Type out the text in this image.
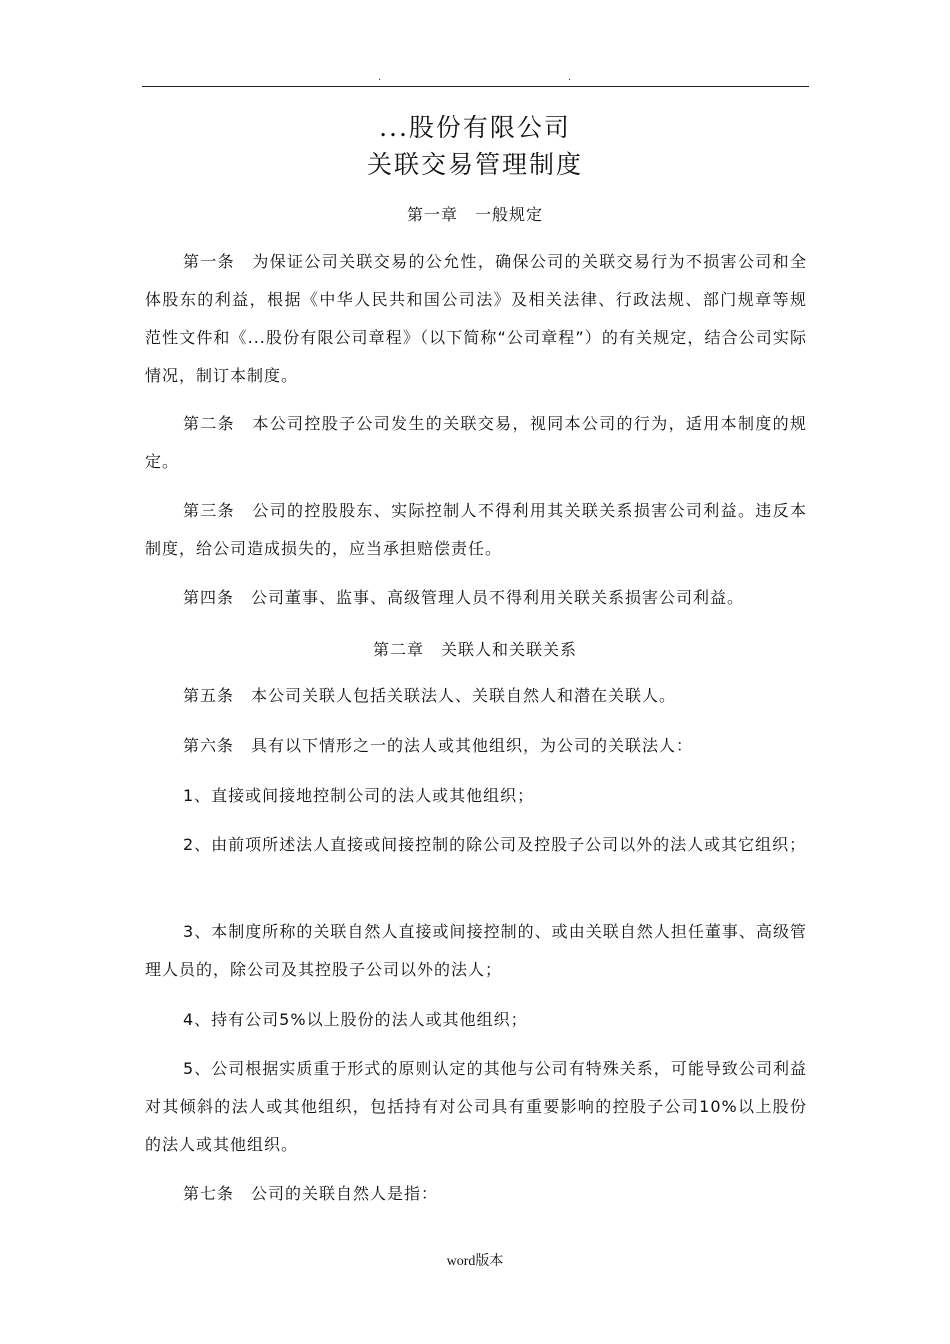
.	.
...股份有限公司
关联交易管理制度
第一章　一般规定
第一条　为保证公司关联交易的公允性，确保公司的关联交易行为不损害公司和全体股东的利益，根据《中华人民共和国公司法》及相关法律、行政法规、部门规章等规范性文件和《...股份有限公司章程》（以下简称“公司章程”）的有关规定，结合公司实际情况，制订本制度。
第二条　本公司控股子公司发生的关联交易，视同本公司的行为，适用本制度的规定。
第三条　公司的控股股东、实际控制人不得利用其关联关系损害公司利益。违反本制度，给公司造成损失的，应当承担赔偿责任。
第四条　公司董事、监事、高级管理人员不得利用关联关系损害公司利益。
第二章　关联人和关联关系
第五条　本公司关联人包括关联法人、关联自然人和潜在关联人。
第六条　具有以下情形之一的法人或其他组织，为公司的关联法人：
1、直接或间接地控制公司的法人或其他组织；
2、由前项所述法人直接或间接控制的除公司及控股子公司以外的法人或其它组织；
3、本制度所称的关联自然人直接或间接控制的、或由关联自然人担任董事、高级管理人员的，除公司及其控股子公司以外的法人；
4、持有公司5%以上股份的法人或其他组织；
5、公司根据实质重于形式的原则认定的其他与公司有特殊关系，可能导致公司利益对其倾斜的法人或其他组织，包括持有对公司具有重要影响的控股子公司10%以上股份的法人或其他组织。
第七条　公司的关联自然人是指：
word版本
